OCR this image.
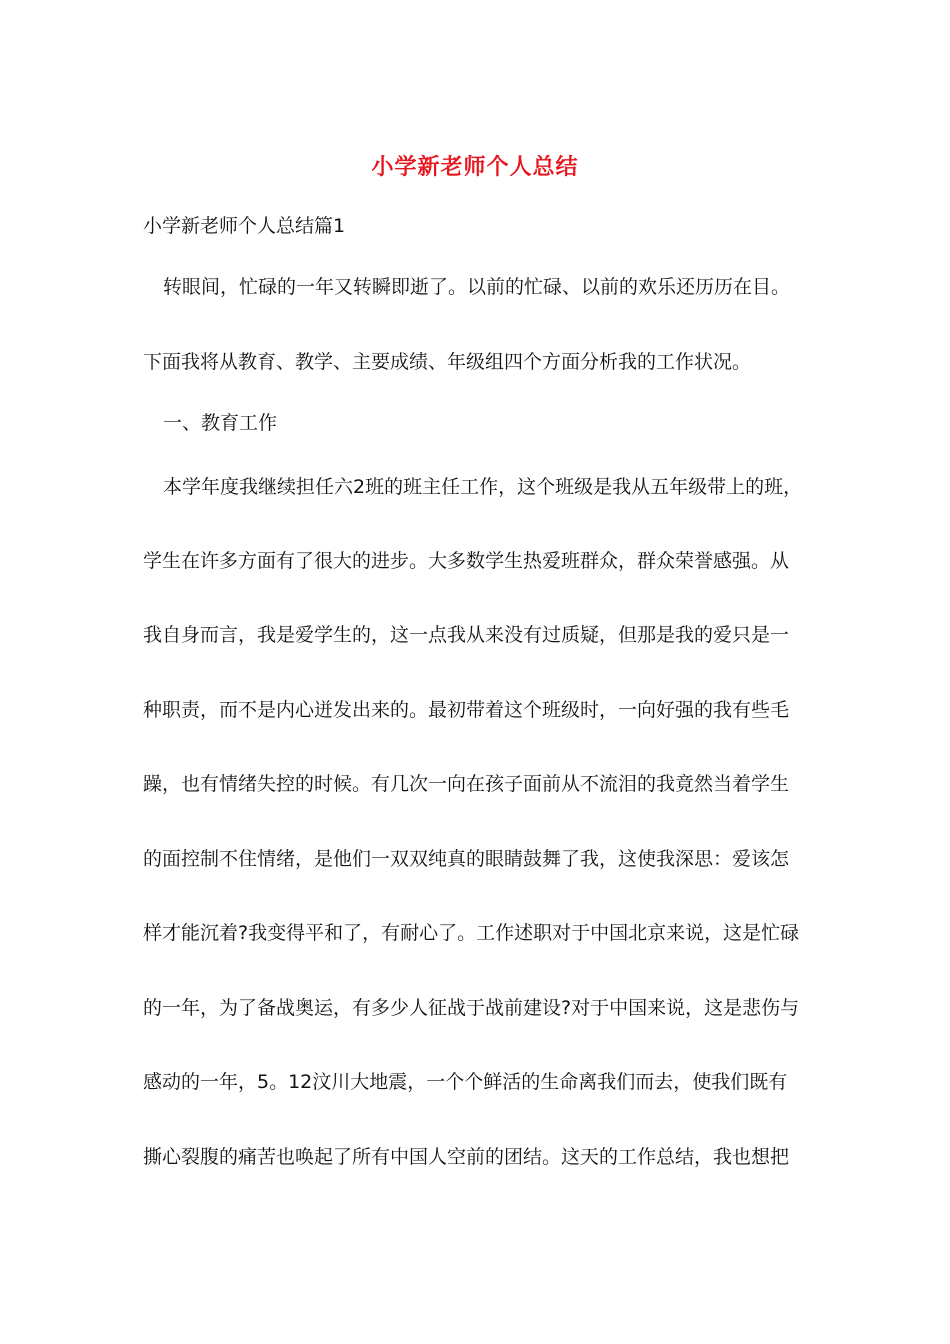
小学新老师个人总结
小学新老师个人总结篇1
转眼间，忙碌的一年又转瞬即逝了。以前的忙碌、以前的欢乐还历历在目。
下面我将从教育、教学、主要成绩、年级组四个方面分析我的工作状况。
一、教育工作
本学年度我继续担任六2班的班主任工作，这个班级是我从五年级带上的班，
学生在许多方面有了很大的进步。大多数学生热爱班群众，群众荣誉感强。从
我自身而言，我是爱学生的，这一点我从来没有过质疑，但那是我的爱只是一
种职责，而不是内心迸发出来的。最初带着这个班级时，一向好强的我有些毛
躁，也有情绪失控的时候。有几次一向在孩子面前从不流泪的我竟然当着学生
的面控制不住情绪，是他们一双双纯真的眼睛鼓舞了我，这使我深思：爱该怎
样才能沉着?我变得平和了，有耐心了。工作述职对于中国北京来说，这是忙碌
的一年，为了备战奥运，有多少人征战于战前建设?对于中国来说，这是悲伤与
感动的一年，5。12汶川大地震，一个个鲜活的生命离我们而去，使我们既有
撕心裂腹的痛苦也唤起了所有中国人空前的团结。这天的工作总结，我也想把
